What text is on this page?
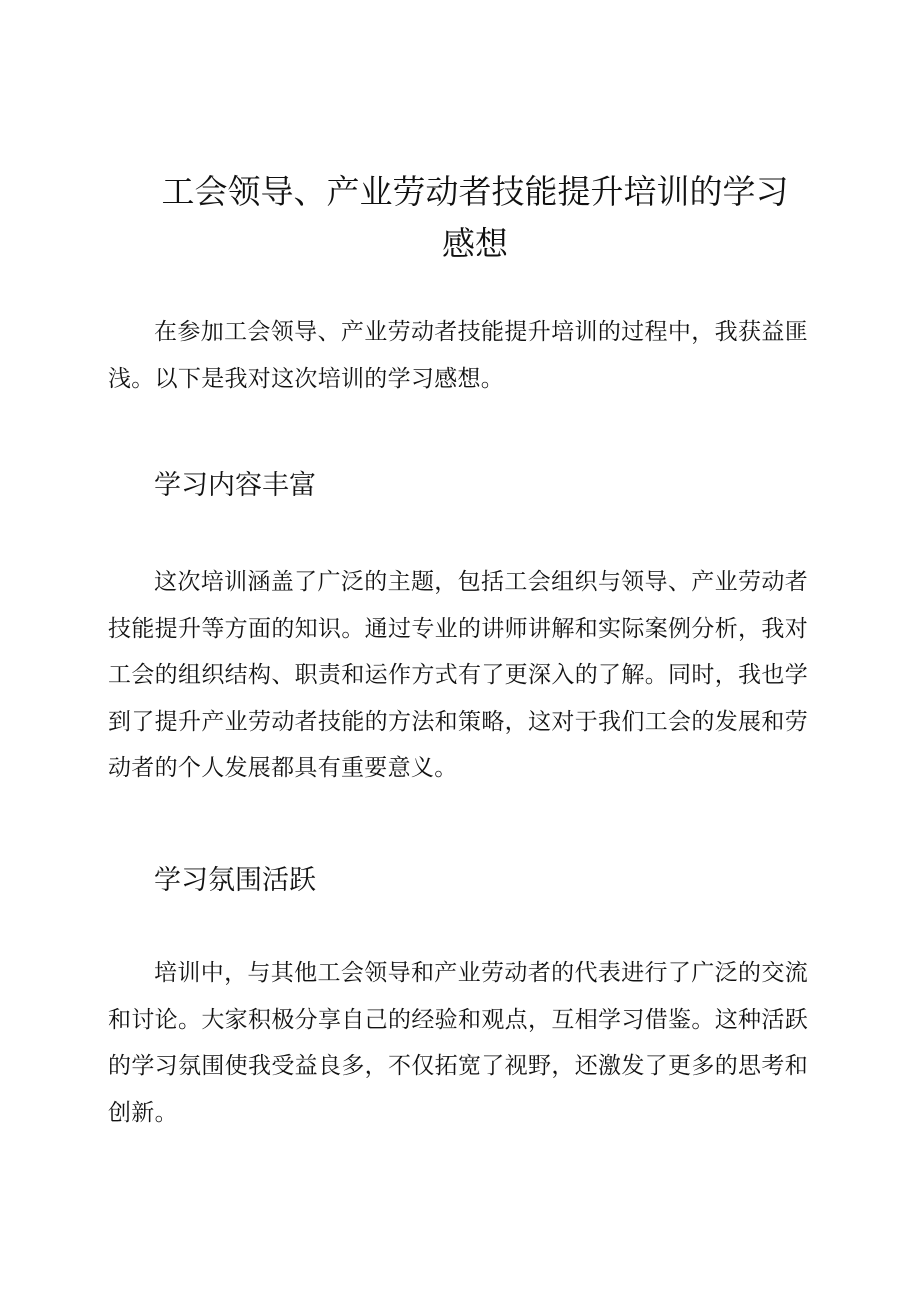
工会领导、产业劳动者技能提升培训的学习
感想

在参加工会领导、产业劳动者技能提升培训的过程中，我获益匪浅。以下是我对这次培训的学习感想。

学习内容丰富

这次培训涵盖了广泛的主题，包括工会组织与领导、产业劳动者技能提升等方面的知识。通过专业的讲师讲解和实际案例分析，我对工会的组织结构、职责和运作方式有了更深入的了解。同时，我也学到了提升产业劳动者技能的方法和策略，这对于我们工会的发展和劳动者的个人发展都具有重要意义。

学习氛围活跃

培训中，与其他工会领导和产业劳动者的代表进行了广泛的交流和讨论。大家积极分享自己的经验和观点，互相学习借鉴。这种活跃的学习氛围使我受益良多，不仅拓宽了视野，还激发了更多的思考和创新。
